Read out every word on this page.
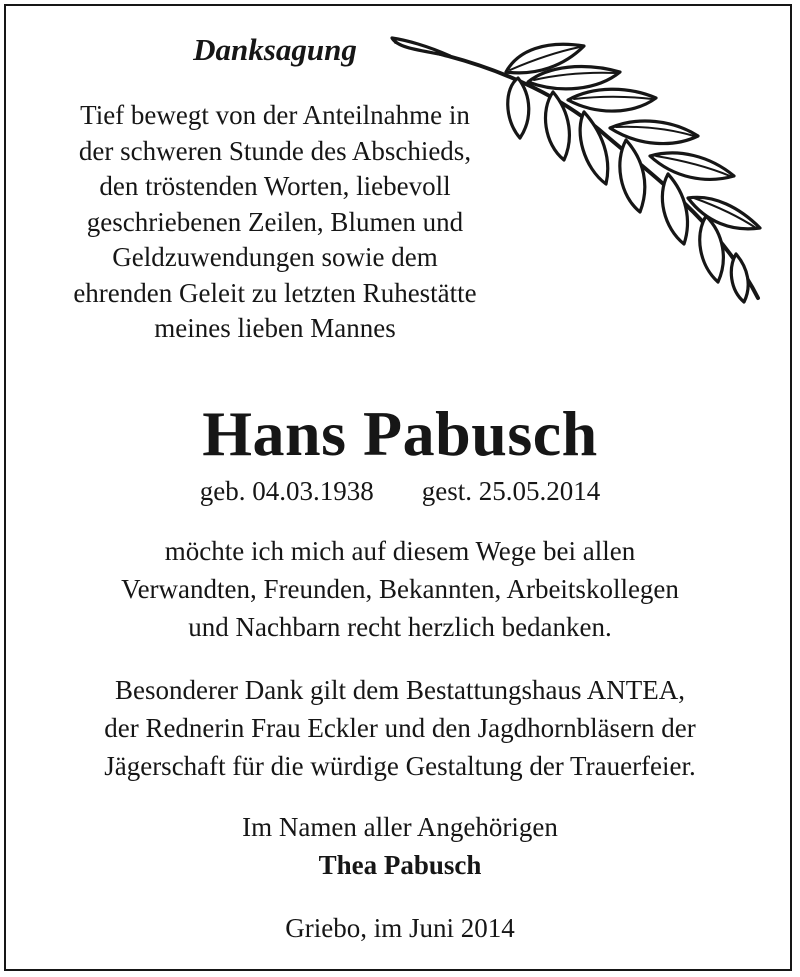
Danksagung
Tief bewegt von der Anteilnahme in
der schweren Stunde des Abschieds,
den tröstenden Worten, liebevoll
geschriebenen Zeilen, Blumen und
Geldzuwendungen sowie dem
ehrenden Geleit zu letzten Ruhestätte
meines lieben Mannes
Hans Pabusch
geb. 04.03.1938 gest. 25.05.2014
möchte ich mich auf diesem Wege bei allen
Verwandten, Freunden, Bekannten, Arbeitskollegen
und Nachbarn recht herzlich bedanken.
Besonderer Dank gilt dem Bestattungshaus ANTEA,
der Rednerin Frau Eckler und den Jagdhornbläsern der
Jägerschaft für die würdige Gestaltung der Trauerfeier.
Im Namen aller Angehörigen
Thea Pabusch
Griebo, im Juni 2014
